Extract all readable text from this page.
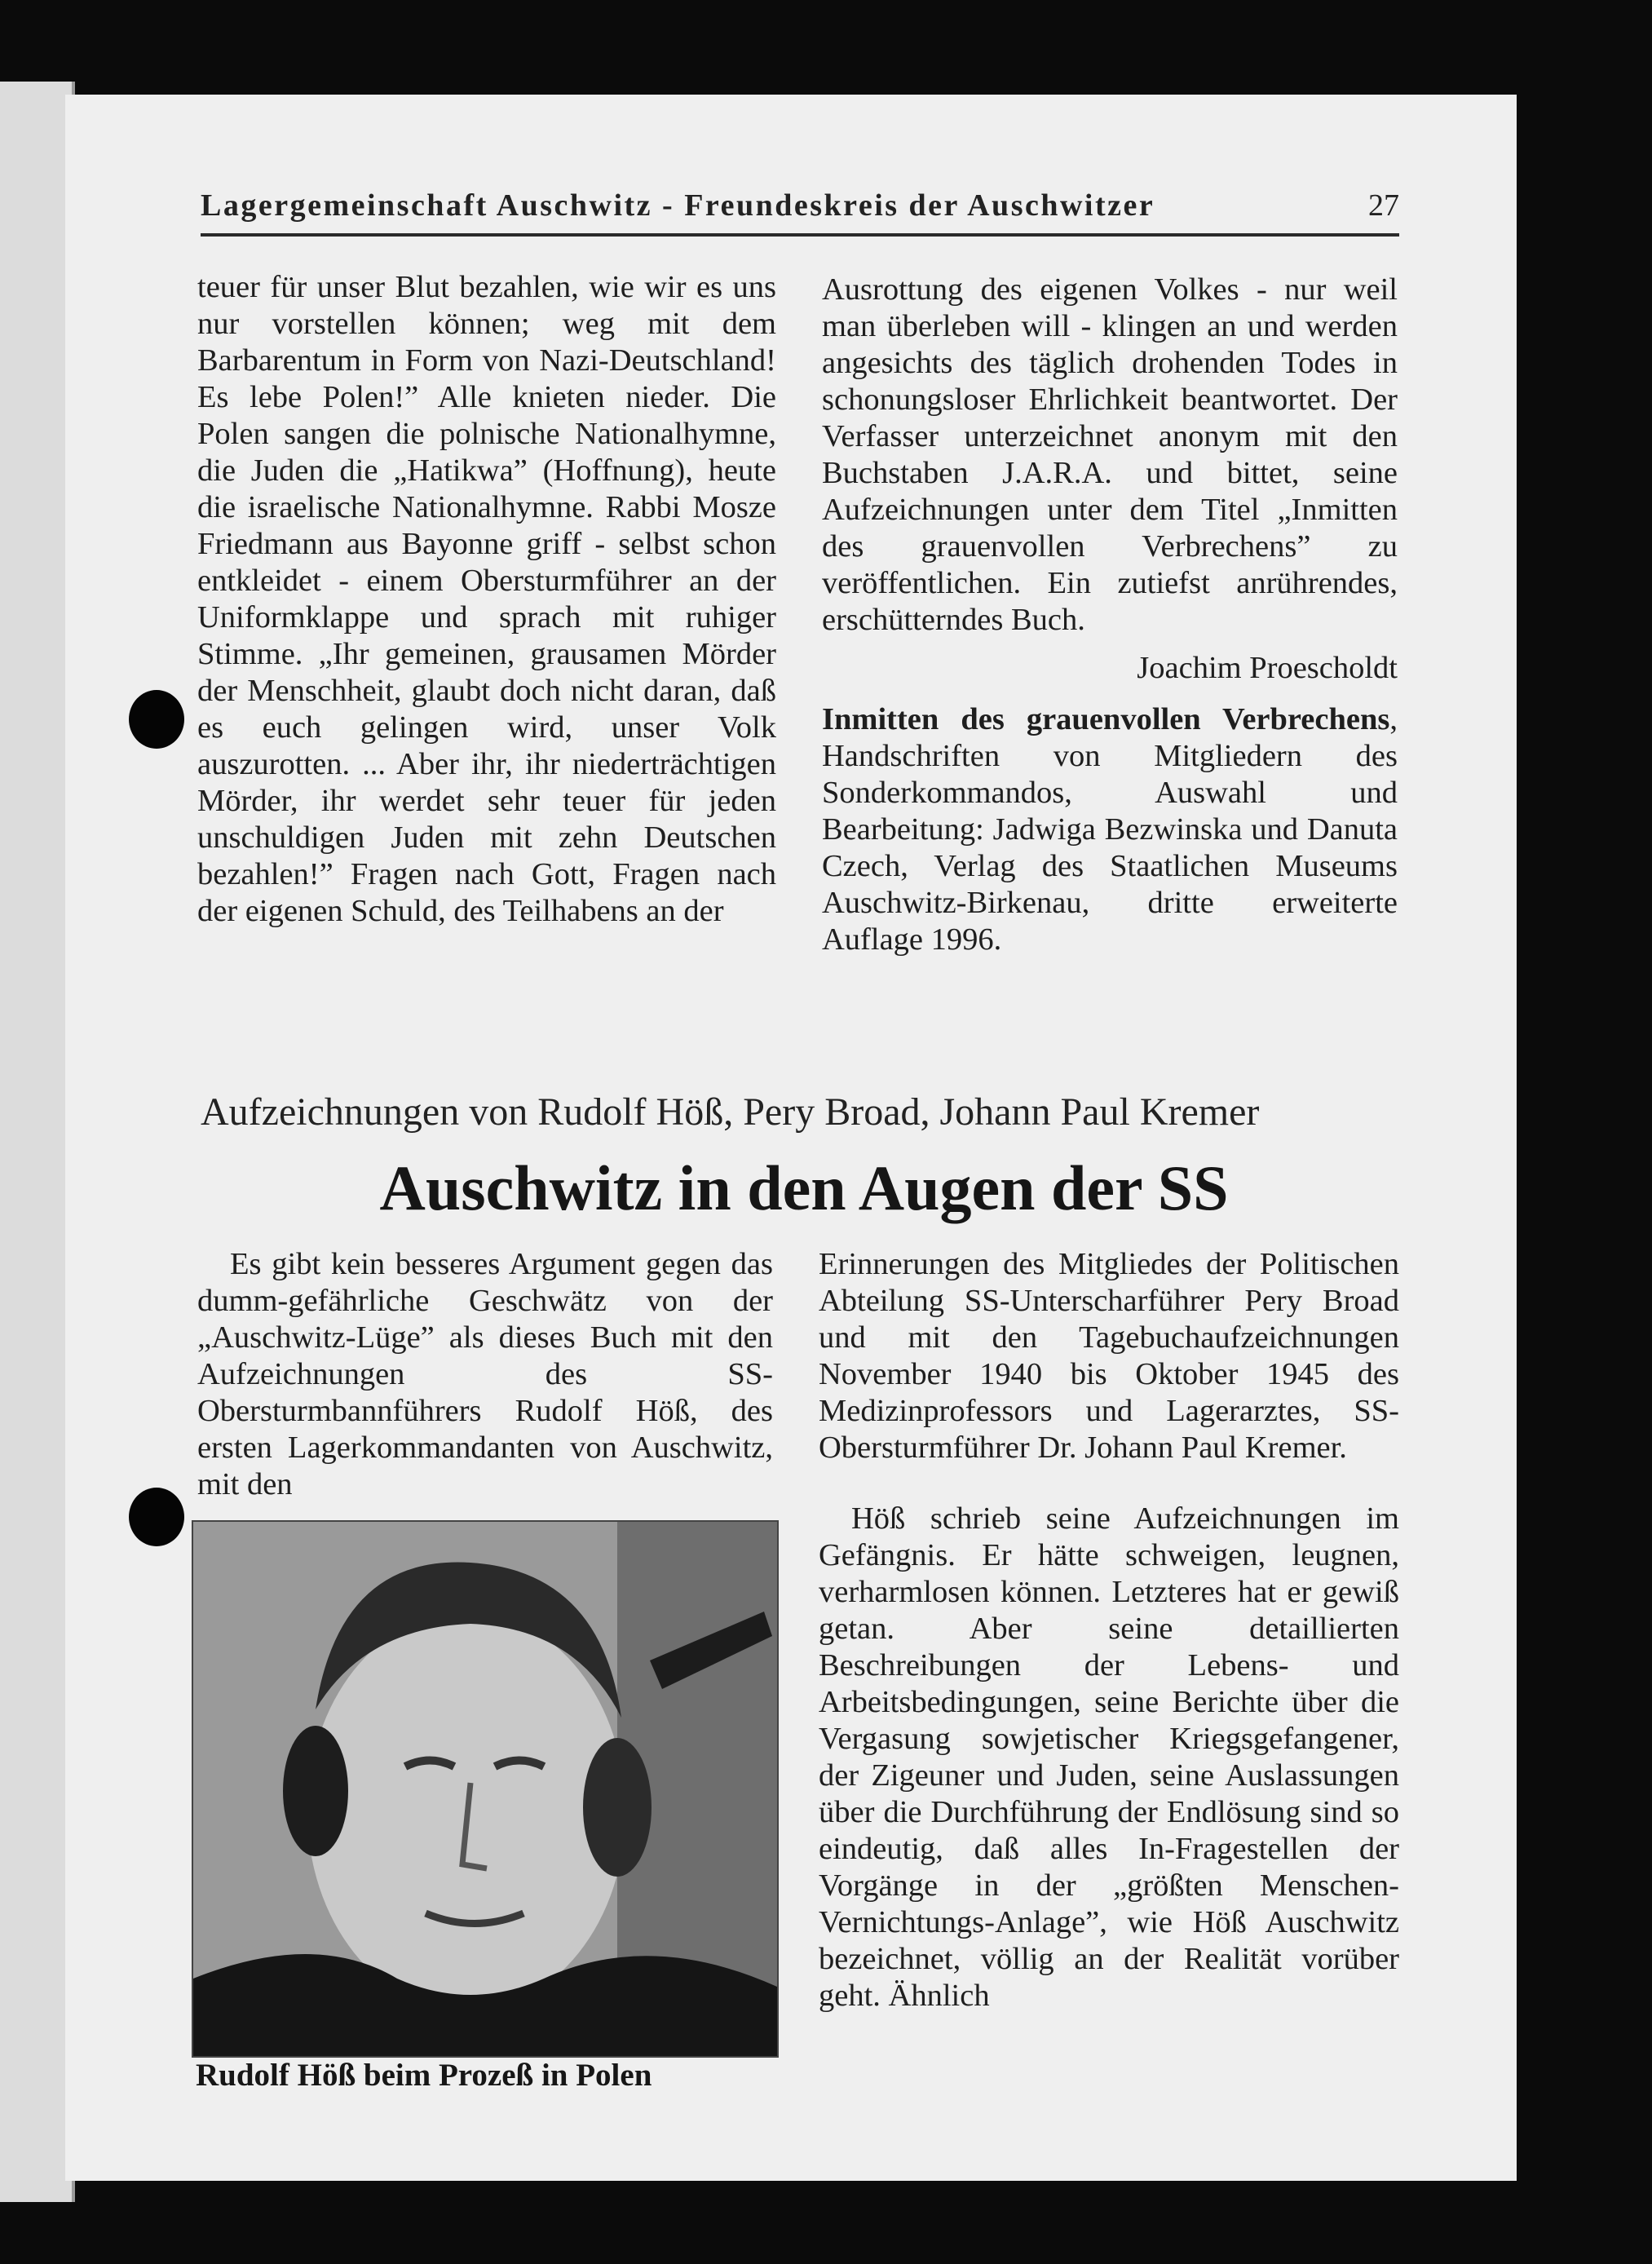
Lagergemeinschaft Auschwitz - Freundeskreis der Auschwitzer	27

teuer für unser Blut bezahlen, wie wir es uns nur vorstellen können; weg mit dem Barbarentum in Form von Nazi-Deutschland! Es lebe Polen!” Alle knieten nieder. Die Polen sangen die polnische Nationalhymne, die Juden die „Hatikwa” (Hoffnung), heute die israelische Nationalhymne. Rabbi Mosze Friedmann aus Bayonne griff - selbst schon entkleidet - einem Obersturmführer an der Uniformklappe und sprach mit ruhiger Stimme. „Ihr gemeinen, grausamen Mörder der Menschheit, glaubt doch nicht daran, daß es euch gelingen wird, unser Volk auszurotten. ... Aber ihr, ihr niederträchtigen Mörder, ihr werdet sehr teuer für jeden unschuldigen Juden mit zehn Deutschen bezahlen!” Fragen nach Gott, Fragen nach der eigenen Schuld, des Teilhabens an der

Ausrottung des eigenen Volkes - nur weil man überleben will - klingen an und werden angesichts des täglich drohenden Todes in schonungsloser Ehrlichkeit beantwortet. Der Verfasser unterzeichnet anonym mit den Buchstaben J.A.R.A. und bittet, seine Aufzeichnungen unter dem Titel „Inmitten des grauenvollen Verbrechens” zu veröffentlichen. Ein zutiefst anrührendes, erschütterndes Buch.

Joachim Proescholdt

Inmitten des grauenvollen Verbrechens, Handschriften von Mitgliedern des Sonderkommandos, Auswahl und Bearbeitung: Jadwiga Bezwinska und Danuta Czech, Verlag des Staatlichen Museums Auschwitz-Birkenau, dritte erweiterte Auflage 1996.

Aufzeichnungen von Rudolf Höß, Pery Broad, Johann Paul Kremer
Auschwitz in den Augen der SS

Es gibt kein besseres Argument gegen das dumm-gefährliche Geschwätz von der „Auschwitz-Lüge” als dieses Buch mit den Aufzeichnungen des SS-Obersturmbannführers Rudolf Höß, des ersten Lagerkommandanten von Auschwitz, mit den

Rudolf Höß beim Prozeß in Polen

Erinnerungen des Mitgliedes der Politischen Abteilung SS-Unterscharführer Pery Broad und mit den Tagebuchaufzeichnungen November 1940 bis Oktober 1945 des Medizinprofessors und Lagerarztes, SS-Obersturmführer Dr. Johann Paul Kremer.

Höß schrieb seine Aufzeichnungen im Gefängnis. Er hätte schweigen, leugnen, verharmlosen können. Letzteres hat er gewiß getan. Aber seine detaillierten Beschreibungen der Lebens- und Arbeitsbedingungen, seine Berichte über die Vergasung sowjetischer Kriegsgefangener, der Zigeuner und Juden, seine Auslassungen über die Durchführung der Endlösung sind so eindeutig, daß alles In-Fragestellen der Vorgänge in der „größten Menschen-Vernichtungs-Anlage”, wie Höß Auschwitz bezeichnet, völlig an der Realität vorüber geht. Ähnlich
